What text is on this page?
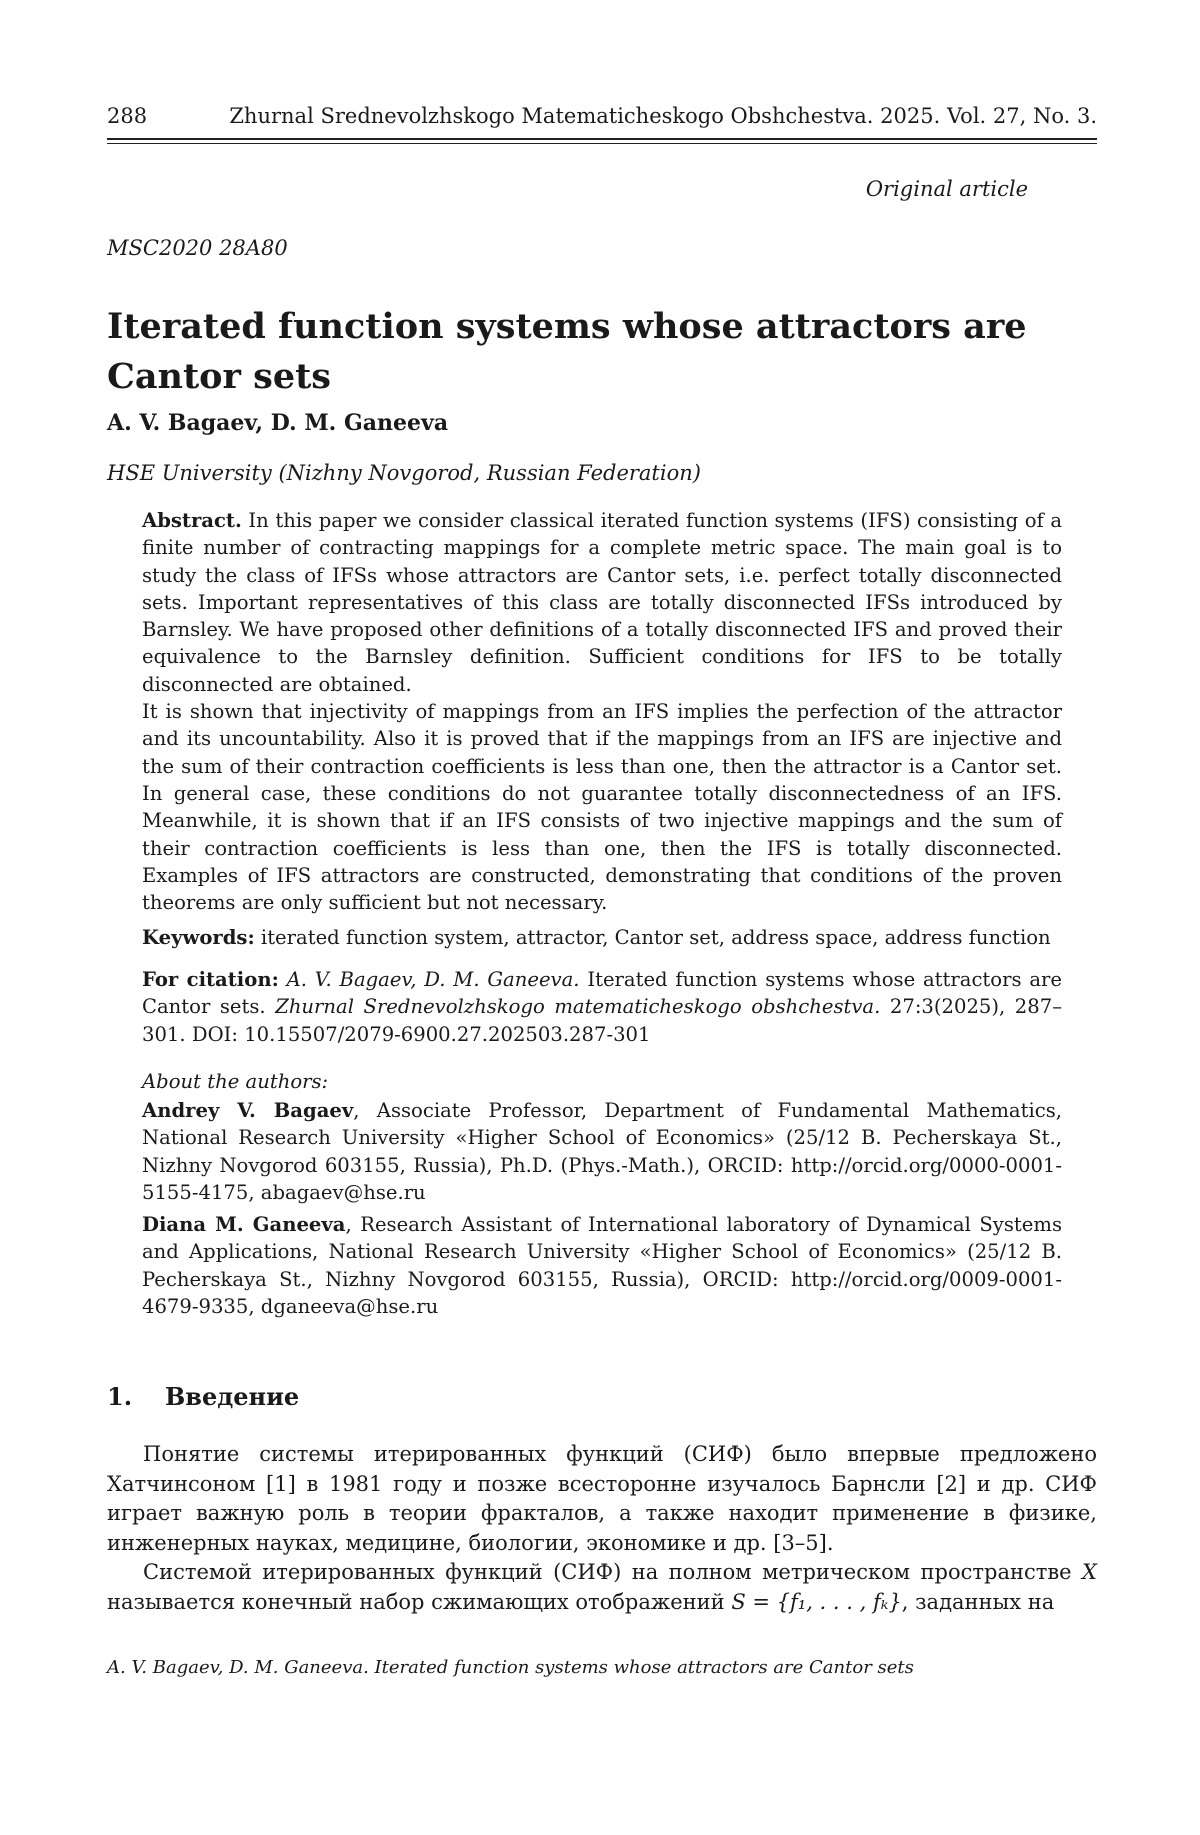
288	Zhurnal Srednevolzhskogo Matematicheskogo Obshchestva. 2025. Vol. 27, No. 3.
Original article
MSC2020 28A80
Iterated function systems whose attractors are Cantor sets
A. V. Bagaev, D. M. Ganeeva
HSE University (Nizhny Novgorod, Russian Federation)

Abstract. In this paper we consider classical iterated function systems (IFS) consisting of a finite number of contracting mappings for a complete metric space. The main goal is to study the class of IFSs whose attractors are Cantor sets, i.e. perfect totally disconnected sets. Important representatives of this class are totally disconnected IFSs introduced by Barnsley. We have proposed other definitions of a totally disconnected IFS and proved their equivalence to the Barnsley definition. Sufficient conditions for IFS to be totally disconnected are obtained.

It is shown that injectivity of mappings from an IFS implies the perfection of the attractor and its uncountability. Also it is proved that if the mappings from an IFS are injective and the sum of their contraction coefficients is less than one, then the attractor is a Cantor set. In general case, these conditions do not guarantee totally disconnectedness of an IFS. Meanwhile, it is shown that if an IFS consists of two injective mappings and the sum of their contraction coefficients is less than one, then the IFS is totally disconnected. Examples of IFS attractors are constructed, demonstrating that conditions of the proven theorems are only sufficient but not necessary.

Keywords: iterated function system, attractor, Cantor set, address space, address function
For citation: A. V. Bagaev, D. M. Ganeeva. Iterated function systems whose attractors are Cantor sets. Zhurnal Srednevolzhskogo matematicheskogo obshchestva. 27:3(2025), 287–301. DOI: 10.15507/2079-6900.27.202503.287-301
About the authors:

Andrey V. Bagaev, Associate Professor, Department of Fundamental Mathematics, National Research University «Higher School of Economics» (25/12 B. Pecherskaya St., Nizhny Novgorod 603155, Russia), Ph.D. (Phys.-Math.), ORCID: http://orcid.org/0000-0001-5155-4175, abagaev@hse.ru

Diana M. Ganeeva, Research Assistant of International laboratory of Dynamical Systems and Applications, National Research University «Higher School of Economics» (25/12 B. Pecherskaya St., Nizhny Novgorod 603155, Russia), ORCID: http://orcid.org/0009-0001-4679-9335, dganeeva@hse.ru

1. Введение

Понятие системы итерированных функций (СИФ) было впервые предложено Хатчинсоном [1] в 1981 году и позже всесторонне изучалось Барнсли [2] и др. СИФ играет важную роль в теории фракталов, а также находит применение в физике, инженерных науках, медицине, биологии, экономике и др. [3–5].

Системой итерированных функций (СИФ) на полном метрическом пространстве X называется конечный набор сжимающих отображений S = {f₁, . . . , fₖ}, заданных на

A. V. Bagaev, D. M. Ganeeva. Iterated function systems whose attractors are Cantor sets
